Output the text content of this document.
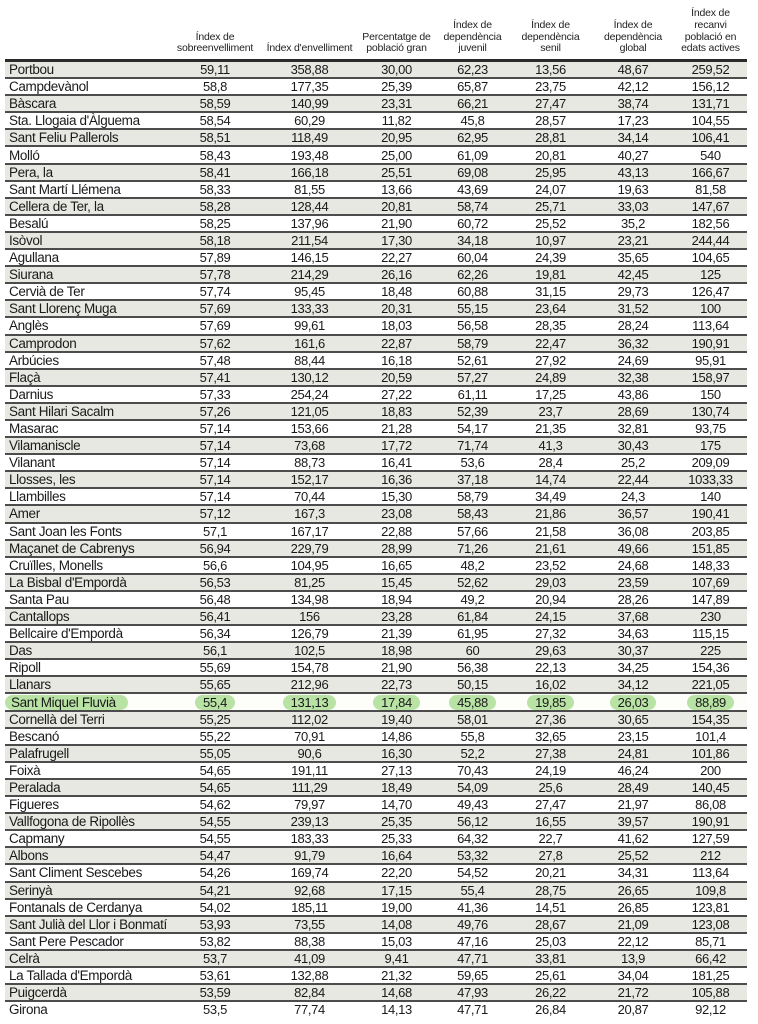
	Índex de sobreenvelliment	Índex d'envelliment	Percentatge de població gran	Índex de dependència juvenil	Índex de dependència senil	Índex de dependència global	Índex de recanvi població en edats actives
Portbou	59,11	358,88	30,00	62,23	13,56	48,67	259,52
Campdevànol	58,8	177,35	25,39	65,87	23,75	42,12	156,12
Bàscara	58,59	140,99	23,31	66,21	27,47	38,74	131,71
Sta. Llogaia d'Àlguema	58,54	60,29	11,82	45,8	28,57	17,23	104,55
Sant Feliu Pallerols	58,51	118,49	20,95	62,95	28,81	34,14	106,41
Molló	58,43	193,48	25,00	61,09	20,81	40,27	540
Pera, la	58,41	166,18	25,51	69,08	25,95	43,13	166,67
Sant Martí Llémena	58,33	81,55	13,66	43,69	24,07	19,63	81,58
Cellera de Ter, la	58,28	128,44	20,81	58,74	25,71	33,03	147,67
Besalú	58,25	137,96	21,90	60,72	25,52	35,2	182,56
Isòvol	58,18	211,54	17,30	34,18	10,97	23,21	244,44
Agullana	57,89	146,15	22,27	60,04	24,39	35,65	104,65
Siurana	57,78	214,29	26,16	62,26	19,81	42,45	125
Cervià de Ter	57,74	95,45	18,48	60,88	31,15	29,73	126,47
Sant Llorenç Muga	57,69	133,33	20,31	55,15	23,64	31,52	100
Anglès	57,69	99,61	18,03	56,58	28,35	28,24	113,64
Camprodon	57,62	161,6	22,87	58,79	22,47	36,32	190,91
Arbúcies	57,48	88,44	16,18	52,61	27,92	24,69	95,91
Flaçà	57,41	130,12	20,59	57,27	24,89	32,38	158,97
Darnius	57,33	254,24	27,22	61,11	17,25	43,86	150
Sant Hilari Sacalm	57,26	121,05	18,83	52,39	23,7	28,69	130,74
Masarac	57,14	153,66	21,28	54,17	21,35	32,81	93,75
Vilamaniscle	57,14	73,68	17,72	71,74	41,3	30,43	175
Vilanant	57,14	88,73	16,41	53,6	28,4	25,2	209,09
Llosses, les	57,14	152,17	16,36	37,18	14,74	22,44	1033,33
Llambilles	57,14	70,44	15,30	58,79	34,49	24,3	140
Amer	57,12	167,3	23,08	58,43	21,86	36,57	190,41
Sant Joan les Fonts	57,1	167,17	22,88	57,66	21,58	36,08	203,85
Maçanet de Cabrenys	56,94	229,79	28,99	71,26	21,61	49,66	151,85
Cruïlles, Monells	56,6	104,95	16,65	48,2	23,52	24,68	148,33
La Bisbal d'Empordà	56,53	81,25	15,45	52,62	29,03	23,59	107,69
Santa Pau	56,48	134,98	18,94	49,2	20,94	28,26	147,89
Cantallops	56,41	156	23,28	61,84	24,15	37,68	230
Bellcaire d'Empordà	56,34	126,79	21,39	61,95	27,32	34,63	115,15
Das	56,1	102,5	18,98	60	29,63	30,37	225
Ripoll	55,69	154,78	21,90	56,38	22,13	34,25	154,36
Llanars	55,65	212,96	22,73	50,15	16,02	34,12	221,05
Sant Miquel Fluvià	55,4	131,13	17,84	45,88	19,85	26,03	88,89
Cornellà del Terri	55,25	112,02	19,40	58,01	27,36	30,65	154,35
Bescanó	55,22	70,91	14,86	55,8	32,65	23,15	101,4
Palafrugell	55,05	90,6	16,30	52,2	27,38	24,81	101,86
Foixà	54,65	191,11	27,13	70,43	24,19	46,24	200
Peralada	54,65	111,29	18,49	54,09	25,6	28,49	140,45
Figueres	54,62	79,97	14,70	49,43	27,47	21,97	86,08
Vallfogona de Ripollès	54,55	239,13	25,35	56,12	16,55	39,57	190,91
Capmany	54,55	183,33	25,33	64,32	22,7	41,62	127,59
Albons	54,47	91,79	16,64	53,32	27,8	25,52	212
Sant Climent Sescebes	54,26	169,74	22,20	54,52	20,21	34,31	113,64
Serinyà	54,21	92,68	17,15	55,4	28,75	26,65	109,8
Fontanals de Cerdanya	54,02	185,11	19,00	41,36	14,51	26,85	123,81
Sant Julià del Llor i Bonmatí	53,93	73,55	14,08	49,76	28,67	21,09	123,08
Sant Pere Pescador	53,82	88,38	15,03	47,16	25,03	22,12	85,71
Celrà	53,7	41,09	9,41	47,71	33,81	13,9	66,42
La Tallada d'Empordà	53,61	132,88	21,32	59,65	25,61	34,04	181,25
Puigcerdà	53,59	82,84	14,68	47,93	26,22	21,72	105,88
Girona	53,5	77,74	14,13	47,71	26,84	20,87	92,12
